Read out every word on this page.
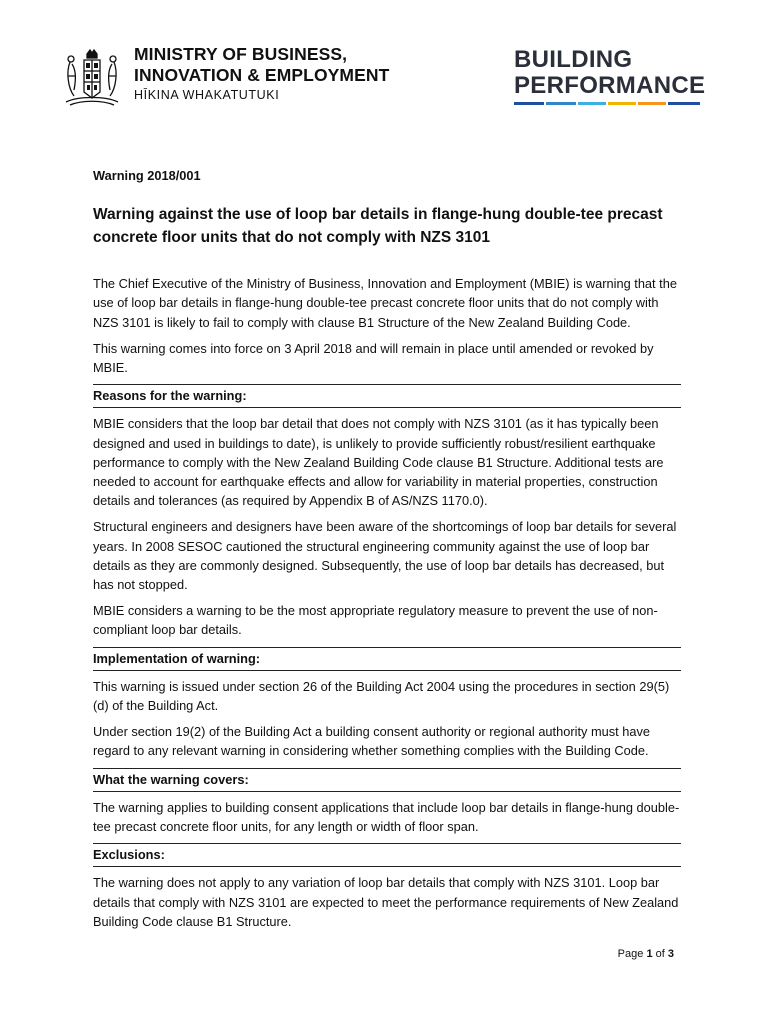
MINISTRY OF BUSINESS,
INNOVATION & EMPLOYMENT
HĪKINA WHAKATUTUKI
BUILDING
PERFORMANCE
Warning 2018/001
Warning against the use of loop bar details in flange-hung double-tee precast concrete floor units that do not comply with NZS 3101

The Chief Executive of the Ministry of Business, Innovation and Employment (MBIE) is warning that the use of loop bar details in flange-hung double-tee precast concrete floor units that do not comply with NZS 3101 is likely to fail to comply with clause B1 Structure of the New Zealand Building Code.

This warning comes into force on 3 April 2018 and will remain in place until amended or revoked by MBIE.

Reasons for the warning:

MBIE considers that the loop bar detail that does not comply with NZS 3101 (as it has typically been designed and used in buildings to date), is unlikely to provide sufficiently robust/resilient earthquake performance to comply with the New Zealand Building Code clause B1 Structure. Additional tests are needed to account for earthquake effects and allow for variability in material properties, construction details and tolerances (as required by Appendix B of AS/NZS 1170.0).

Structural engineers and designers have been aware of the shortcomings of loop bar details for several years. In 2008 SESOC cautioned the structural engineering community against the use of loop bar details as they are commonly designed. Subsequently, the use of loop bar details has decreased, but has not stopped.

MBIE considers a warning to be the most appropriate regulatory measure to prevent the use of non-compliant loop bar details.

Implementation of warning:

This warning is issued under section 26 of the Building Act 2004 using the procedures in section 29(5)(d) of the Building Act.

Under section 19(2) of the Building Act a building consent authority or regional authority must have regard to any relevant warning in considering whether something complies with the Building Code.

What the warning covers:

The warning applies to building consent applications that include loop bar details in flange-hung double-tee precast concrete floor units, for any length or width of floor span.

Exclusions:

The warning does not apply to any variation of loop bar details that comply with NZS 3101. Loop bar details that comply with NZS 3101 are expected to meet the performance requirements of New Zealand Building Code clause B1 Structure.

Page 1 of 3
